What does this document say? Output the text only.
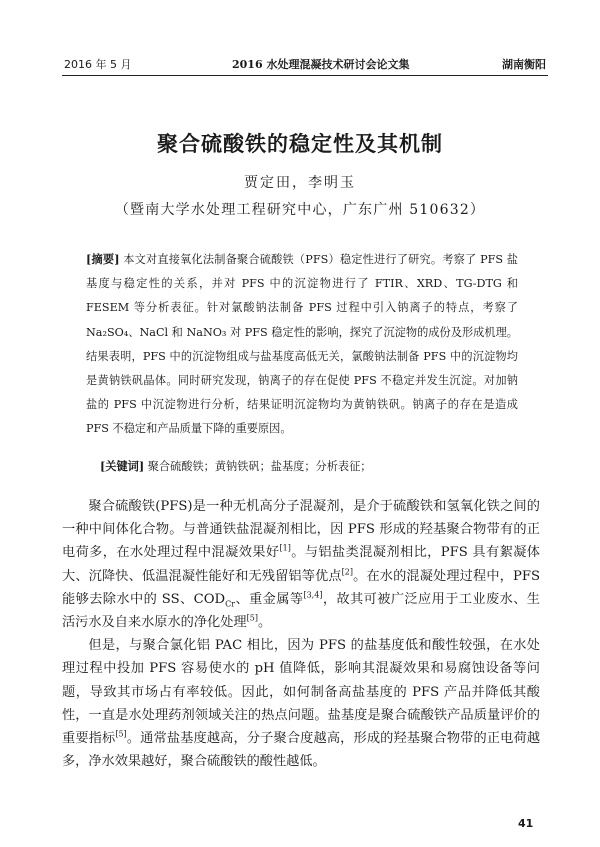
2016 年 5 月	2016 水处理混凝技术研讨会论文集	湖南衡阳
聚合硫酸铁的稳定性及其机制
贾定田，李明玉
（暨南大学水处理工程研究中心，广东广州 510632）
[摘要] 本文对直接氧化法制备聚合硫酸铁（PFS）稳定性进行了研究。考察了 PFS 盐基度与稳定性的关系，并对 PFS 中的沉淀物进行了 FTIR、XRD、TG-DTG 和 FESEM 等分析表征。针对氯酸钠法制备 PFS 过程中引入钠离子的特点，考察了 Na₂SO₄、NaCl 和 NaNO₃ 对 PFS 稳定性的影响，探究了沉淀物的成份及形成机理。结果表明，PFS 中的沉淀物组成与盐基度高低无关，氯酸钠法制备 PFS 中的沉淀物均是黄钠铁矾晶体。同时研究发现，钠离子的存在促使 PFS 不稳定并发生沉淀。对加钠盐的 PFS 中沉淀物进行分析，结果证明沉淀物均为黄钠铁矾。钠离子的存在是造成 PFS 不稳定和产品质量下降的重要原因。
[关键词] 聚合硫酸铁；黄钠铁矾；盐基度；分析表征；

聚合硫酸铁(PFS)是一种无机高分子混凝剂，是介于硫酸铁和氢氧化铁之间的一种中间体化合物。与普通铁盐混凝剂相比，因 PFS 形成的羟基聚合物带有的正电荷多，在水处理过程中混凝效果好[1]。与铝盐类混凝剂相比，PFS 具有絮凝体大、沉降快、低温混凝性能好和无残留铝等优点[2]。在水的混凝处理过程中，PFS 能够去除水中的 SS、$COD_{Cr}$、重金属等[3,4]，故其可被广泛应用于工业废水、生活污水及自来水原水的净化处理[5]。

但是，与聚合氯化铝 PAC 相比，因为 PFS 的盐基度低和酸性较强，在水处理过程中投加 PFS 容易使水的 pH 值降低，影响其混凝效果和易腐蚀设备等问题，导致其市场占有率较低。因此，如何制备高盐基度的 PFS 产品并降低其酸性，一直是水处理药剂领域关注的热点问题。盐基度是聚合硫酸铁产品质量评价的重要指标[5]。通常盐基度越高，分子聚合度越高，形成的羟基聚合物带的正电荷越多，净水效果越好，聚合硫酸铁的酸性越低。

41
